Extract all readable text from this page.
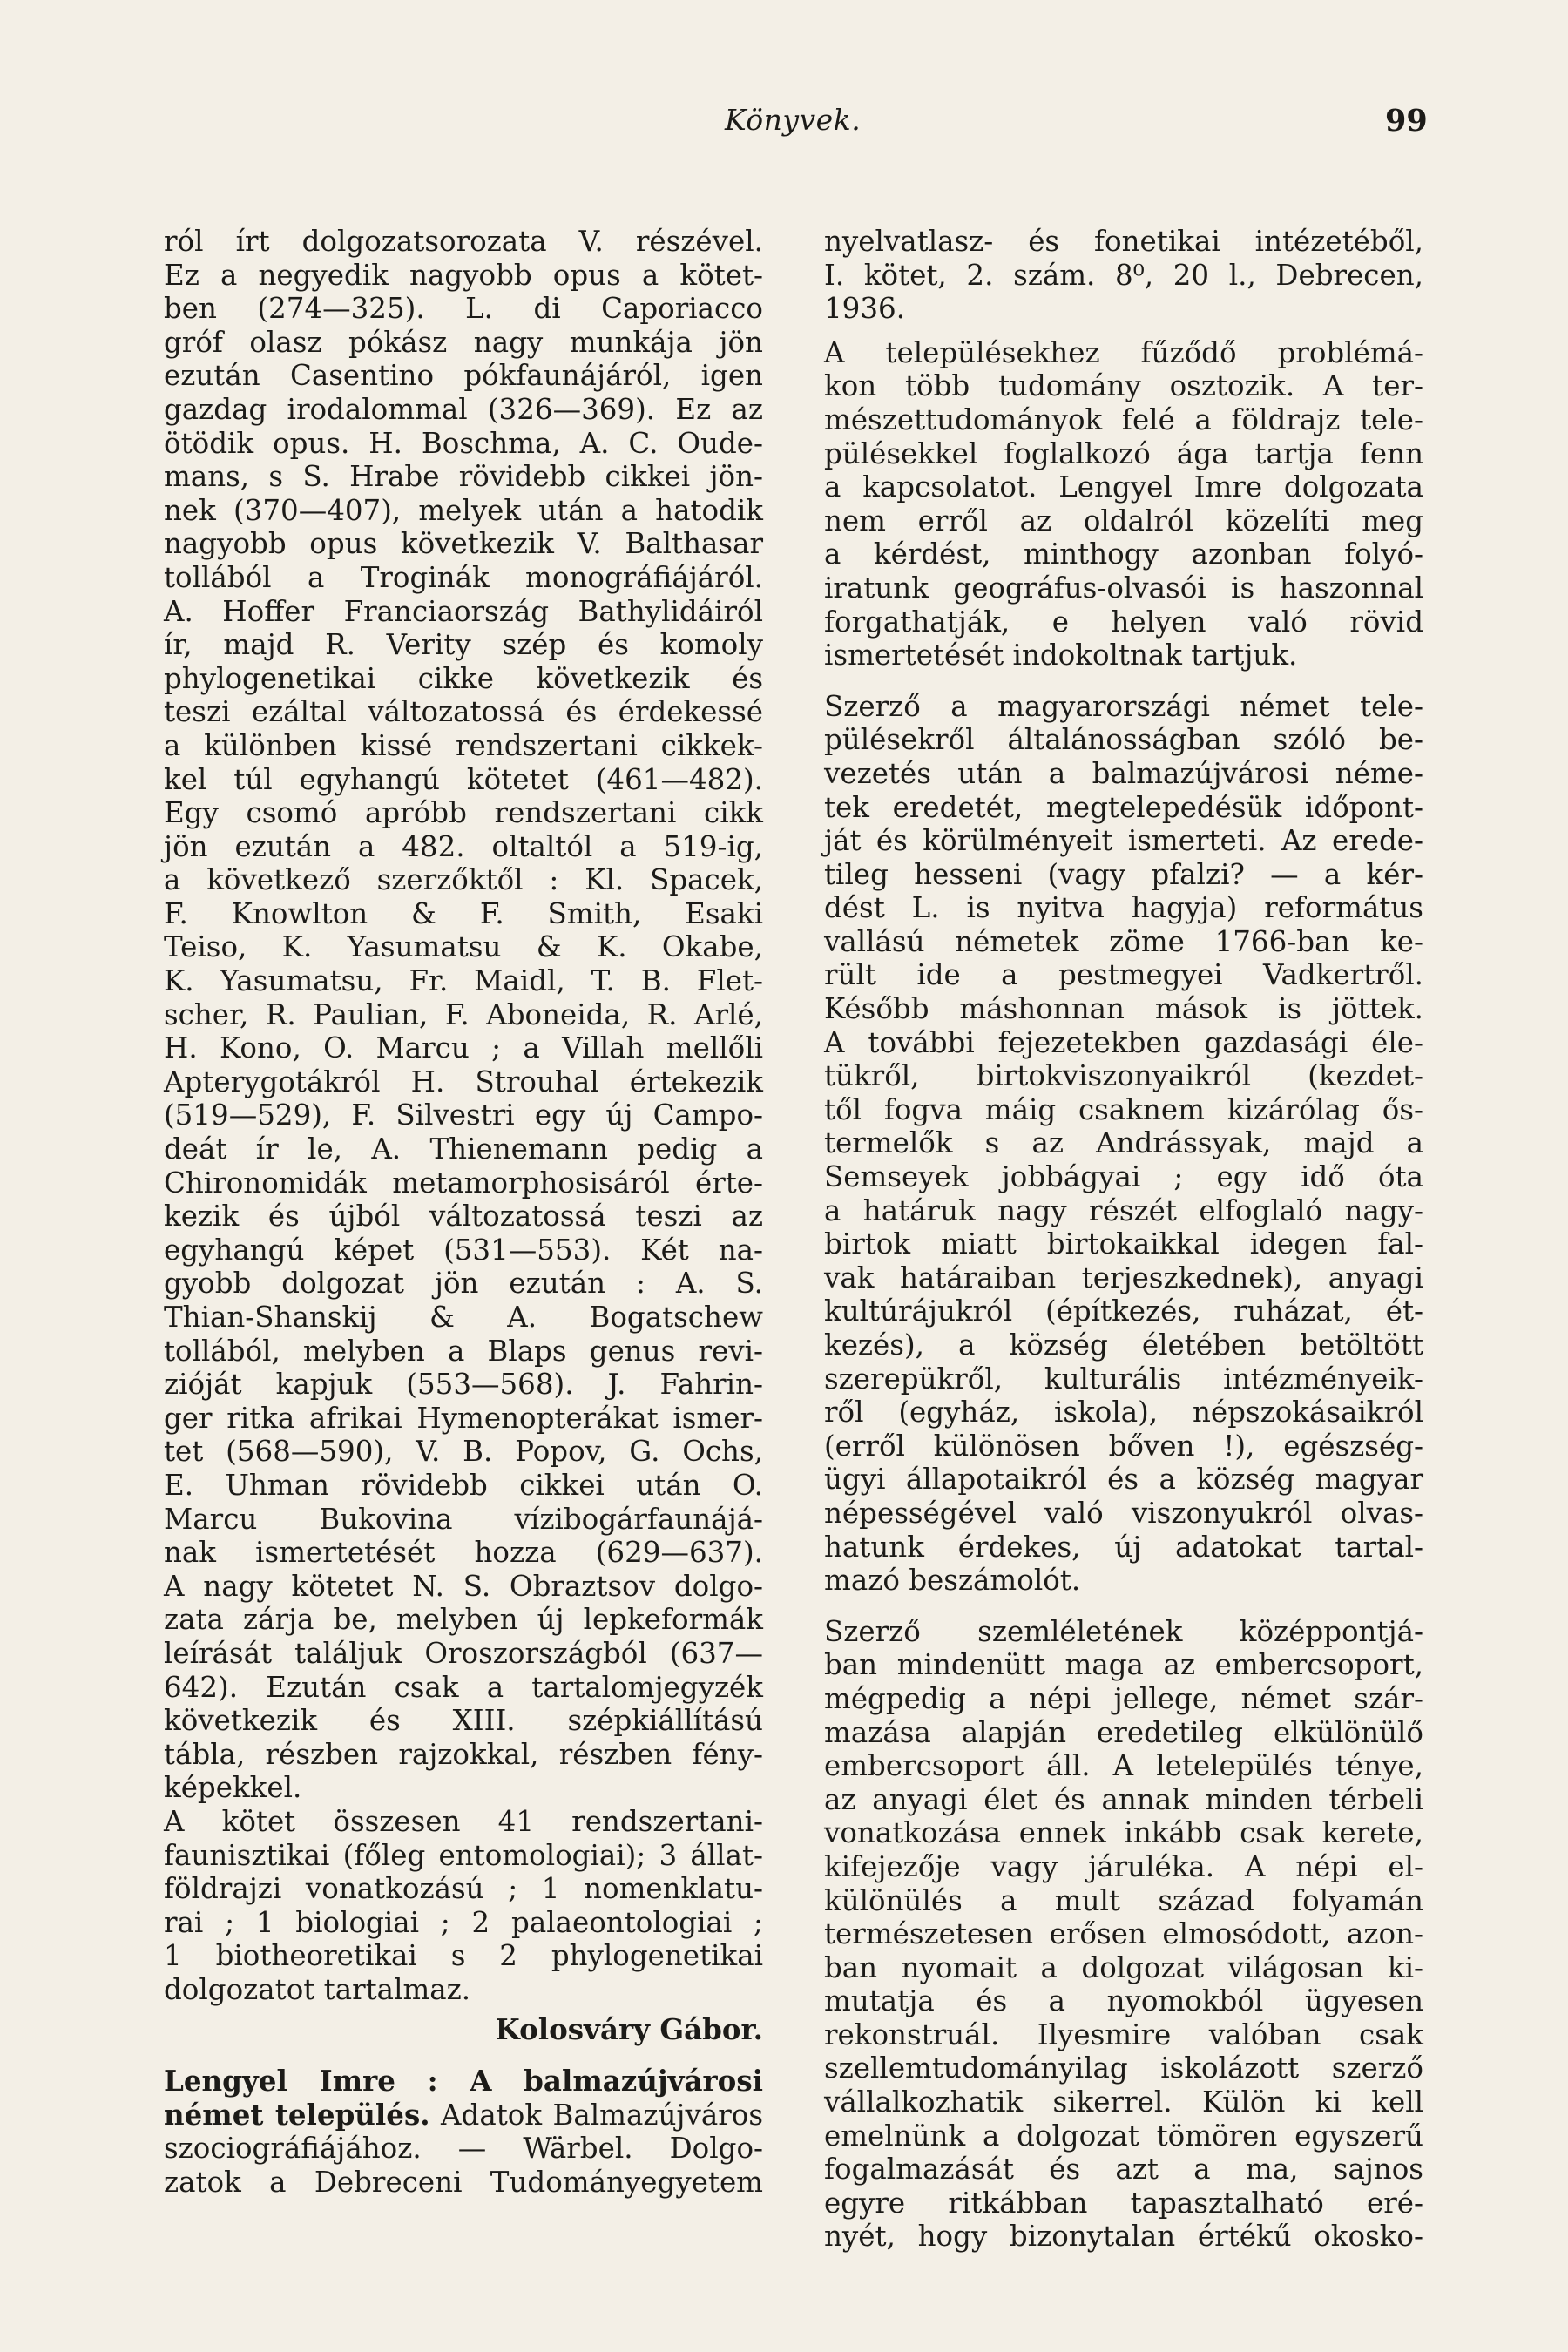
Könyvek.	99
ról írt dolgozatsorozata V. részével.
Ez a negyedik nagyobb opus a kötet-
ben (274—325). L. di Caporiacco
gróf olasz pókász nagy munkája jön
ezután Casentino pókfaunájáról, igen
gazdag irodalommal (326—369). Ez az
ötödik opus. H. Boschma, A. C. Oude-
mans, s S. Hrabe rövidebb cikkei jön-
nek (370—407), melyek után a hatodik
nagyobb opus következik V. Balthasar
tollából a Troginák monográfiájáról.
A. Hoffer Franciaország Bathylidáiról
ír, majd R. Verity szép és komoly
phylogenetikai cikke következik és
teszi ezáltal változatossá és érdekessé
a különben kissé rendszertani cikkek-
kel túl egyhangú kötetet (461—482).
Egy csomó apróbb rendszertani cikk
jön ezután a 482. oltaltól a 519-ig,
a következő szerzőktől : Kl. Spacek,
F. Knowlton & F. Smith, Esaki
Teiso, K. Yasumatsu & K. Okabe,
K. Yasumatsu, Fr. Maidl, T. B. Flet-
scher, R. Paulian, F. Aboneida, R. Arlé,
H. Kono, O. Marcu ; a Villah mellőli
Apterygotákról H. Strouhal értekezik
(519—529), F. Silvestri egy új Campo-
deát ír le, A. Thienemann pedig a
Chironomidák metamorphosisáról érte-
kezik és újból változatossá teszi az
egyhangú képet (531—553). Két na-
gyobb dolgozat jön ezután : A. S.
Thian-Shanskij & A. Bogatschew
tollából, melyben a Blaps genus revi-
zióját kapjuk (553—568). J. Fahrin-
ger ritka afrikai Hymenopterákat ismer-
tet (568—590), V. B. Popov, G. Ochs,
E. Uhman rövidebb cikkei után O.
Marcu Bukovina vízibogárfaunájá-
nak ismertetését hozza (629—637).
A nagy kötetet N. S. Obraztsov dolgo-
zata zárja be, melyben új lepkeformák
leírását találjuk Oroszországból (637—
642). Ezután csak a tartalomjegyzék
következik és XIII. szépkiállítású
tábla, részben rajzokkal, részben fény-
képekkel.
A kötet összesen 41 rendszertani-
faunisztikai (főleg entomologiai); 3 állat-
földrajzi vonatkozású ; 1 nomenklatu-
rai ; 1 biologiai ; 2 palaeontologiai ;
1 biotheoretikai s 2 phylogenetikai
dolgozatot tartalmaz.
Kolosváry Gábor.
Lengyel Imre : A balmazújvárosi
német település. Adatok Balmazújváros
szociográfiájához. — Wärbel. Dolgo-
zatok a Debreceni Tudományegyetem
nyelvatlasz- és fonetikai intézetéből,
I. kötet, 2. szám. 8⁰, 20 l., Debrecen,
1936.
A településekhez fűződő problémá-
kon több tudomány osztozik. A ter-
mészettudományok felé a földrajz tele-
pülésekkel foglalkozó ága tartja fenn
a kapcsolatot. Lengyel Imre dolgozata
nem erről az oldalról közelíti meg
a kérdést, minthogy azonban folyó-
iratunk geográfus-olvasói is haszonnal
forgathatják, e helyen való rövid
ismertetését indokoltnak tartjuk.
Szerző a magyarországi német tele-
pülésekről általánosságban szóló be-
vezetés után a balmazújvárosi néme-
tek eredetét, megtelepedésük időpont-
ját és körülményeit ismerteti. Az erede-
tileg hesseni (vagy pfalzi? — a kér-
dést L. is nyitva hagyja) református
vallású németek zöme 1766-ban ke-
rült ide a pestmegyei Vadkertről.
Később máshonnan mások is jöttek.
A további fejezetekben gazdasági éle-
tükről, birtokviszonyaikról (kezdet-
től fogva máig csaknem kizárólag ős-
termelők s az Andrássyak, majd a
Semseyek jobbágyai ; egy idő óta
a határuk nagy részét elfoglaló nagy-
birtok miatt birtokaikkal idegen fal-
vak határaiban terjeszkednek), anyagi
kultúrájukról (építkezés, ruházat, ét-
kezés), a község életében betöltött
szerepükről, kulturális intézményeik-
ről (egyház, iskola), népszokásaikról
(erről különösen bőven !), egészség-
ügyi állapotaikról és a község magyar
népességével való viszonyukról olvas-
hatunk érdekes, új adatokat tartal-
mazó beszámolót.
Szerző szemléletének középpontjá-
ban mindenütt maga az embercsoport,
mégpedig a népi jellege, német szár-
mazása alapján eredetileg elkülönülő
embercsoport áll. A letelepülés ténye,
az anyagi élet és annak minden térbeli
vonatkozása ennek inkább csak kerete,
kifejezője vagy járuléka. A népi el-
különülés a mult század folyamán
természetesen erősen elmosódott, azon-
ban nyomait a dolgozat világosan ki-
mutatja és a nyomokból ügyesen
rekonstruál. Ilyesmire valóban csak
szellemtudományilag iskolázott szerző
vállalkozhatik sikerrel. Külön ki kell
emelnünk a dolgozat tömören egyszerű
fogalmazását és azt a ma, sajnos
egyre ritkábban tapasztalható eré-
nyét, hogy bizonytalan értékű okosko-
